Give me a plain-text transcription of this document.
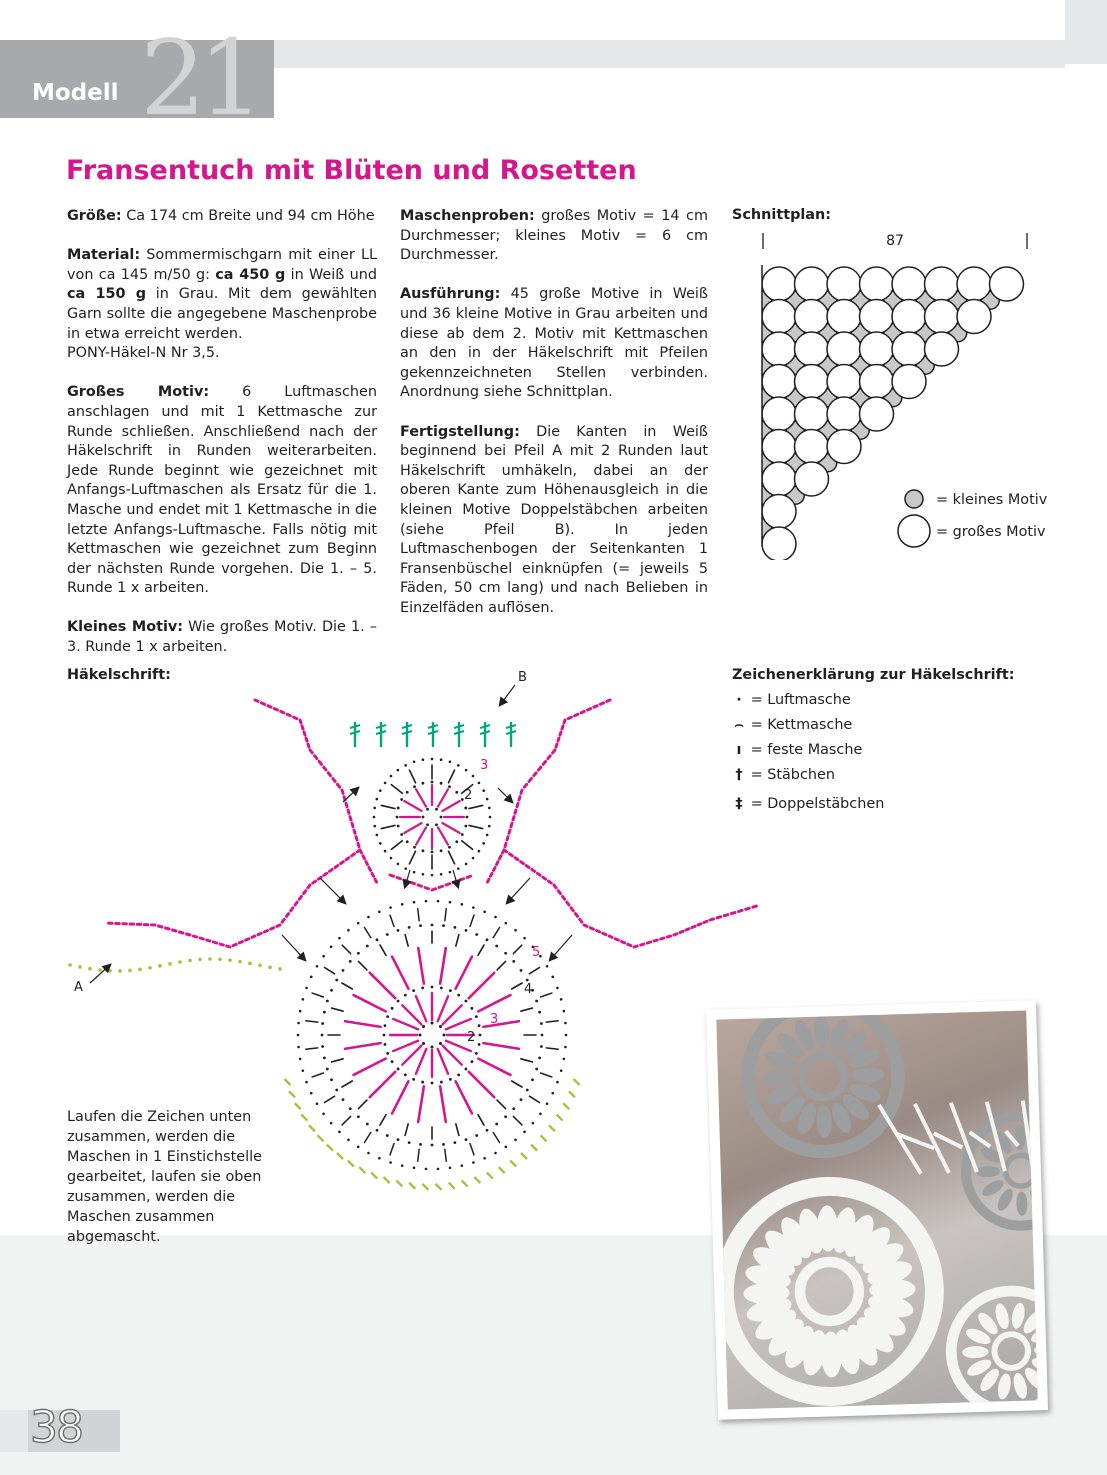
21
Modell
Fransentuch mit Blüten und Rosetten

Größe: Ca 174 cm Breite und 94 cm Höhe

Material: Sommermischgarn mit einer LL von ca 145 m/50 g: ca 450 g in Weiß und ca 150 g in Grau. Mit dem gewählten Garn sollte die angegebene Maschenprobe in etwa erreicht werden.
PONY-Häkel-N Nr 3,5.

Großes Motiv: 6 Luftmaschen anschlagen und mit 1 Kettmasche zur Runde schließen. Anschließend nach der Häkelschrift in Runden weiterarbeiten. Jede Runde beginnt wie gezeichnet mit Anfangs-Luftmaschen als Ersatz für die 1. Masche und endet mit 1 Kettmasche in die letzte Anfangs-Luftmasche. Falls nötig mit Kettmaschen wie gezeichnet zum Beginn der nächsten Runde vorgehen. Die 1. – 5. Runde 1 x arbeiten.

Kleines Motiv: Wie großes Motiv. Die 1. – 3. Runde 1 x arbeiten.

Maschenproben: großes Motiv = 14 cm Durchmesser; kleines Motiv = 6 cm Durchmesser.

Ausführung: 45 große Motive in Weiß und 36 kleine Motive in Grau arbeiten und diese ab dem 2. Motiv mit Kettmaschen an den in der Häkelschrift mit Pfeilen gekennzeichneten Stellen verbinden. Anordnung siehe Schnittplan.

Fertigstellung: Die Kanten in Weiß beginnend bei Pfeil A mit 2 Runden laut Häkelschrift umhäkeln, dabei an der oberen Kante zum Höhenausgleich in die kleinen Motive Doppelstäbchen arbeiten (siehe Pfeil B). In jeden Luftmaschenbogen der Seitenkanten 1 Fransenbüschel einknüpfen (= jeweils 5 Fäden, 50 cm lang) und nach Belieben in Einzelfäden auflösen.

Schnittplan:
87
= kleines Motiv
= großes Motiv
Häkelschrift:	B
A
2
3
2
3
4
5
Zeichenerklärung zur Häkelschrift:
· = Luftmasche
⌢ = Kettmasche
ı = feste Masche
† = Stäbchen
‡ = Doppelstäbchen
Laufen die Zeichen unten zusammen, werden die Maschen in 1 Einstichstelle gearbeitet, laufen sie oben zusammen, werden die Maschen zusammen abgemascht.
38
